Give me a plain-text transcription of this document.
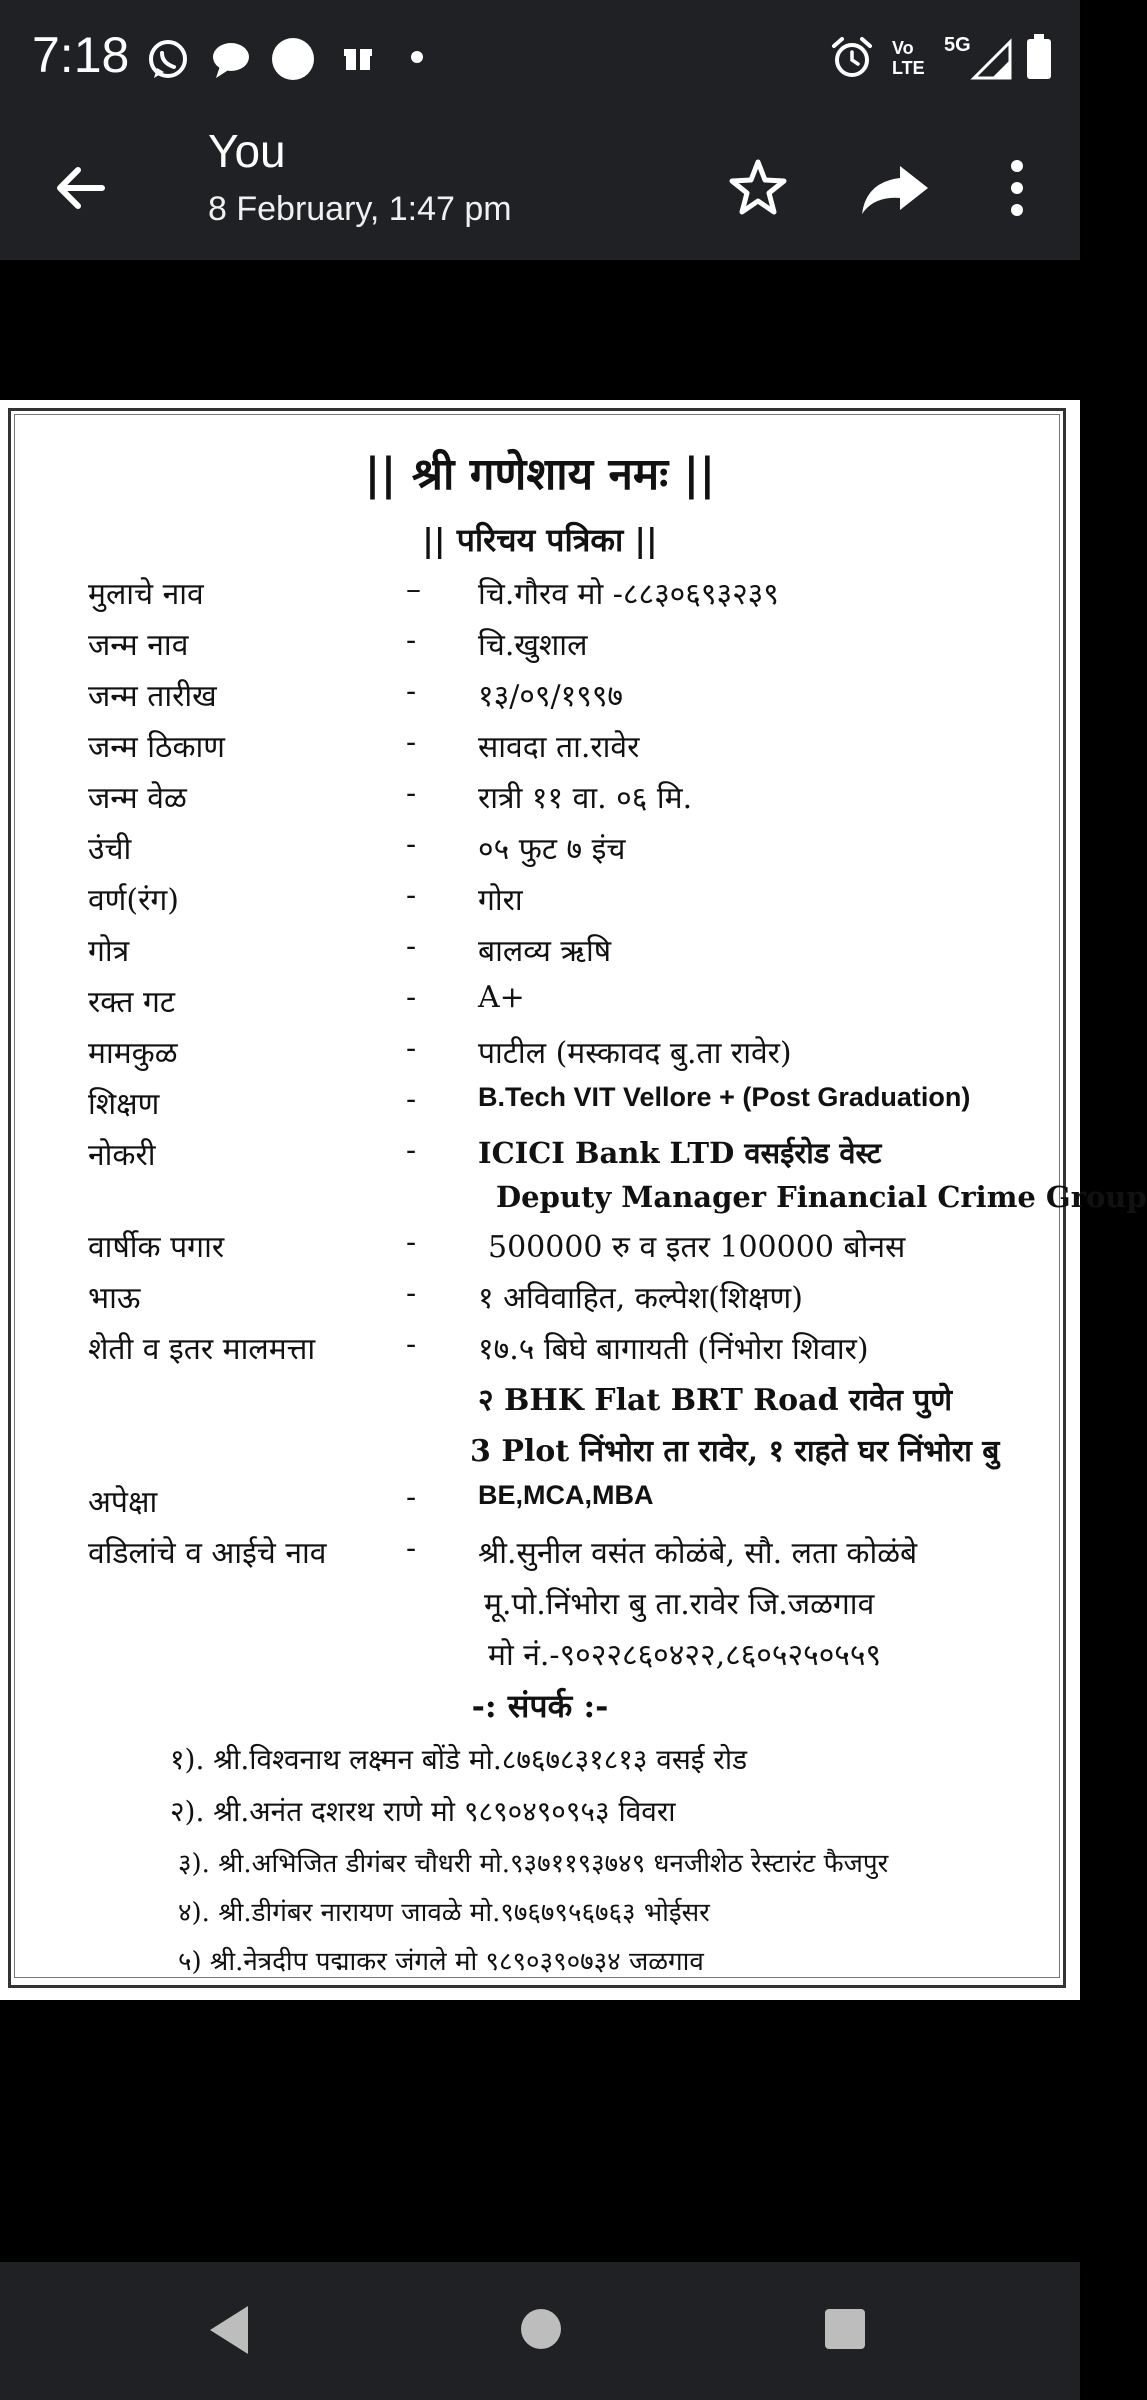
7:18	Vo
LTE
5G
You
8 February, 1:47 pm
|| श्री गणेशाय नमः ||
|| परिचय पत्रिका ||
मुलाचे नाव	– चि.गौरव मो -८८३०६९३२३९
जन्म नाव	- चि.खुशाल
जन्म तारीख	- १३/०९/१९९७
जन्म ठिकाण	- सावदा ता.रावेर
जन्म वेळ	- रात्री ११ वा. ०६ मि.
उंची	- ०५ फुट ७ इंच
वर्ण(रंग)	- गोरा
गोत्र	- बालव्य ऋषि
रक्त गट	- A+
मामकुळ	- पाटील (मस्कावद बु.ता रावेर)
शिक्षण	- B.Tech VIT Vellore + (Post Graduation)
नोकरी	- ICICI Bank LTD वसईरोड वेस्ट
Deputy Manager Financial Crime Group
वार्षीक पगार	- 500000 रु व इतर 100000 बोनस
भाऊ	- १ अविवाहित, कल्पेश(शिक्षण)
शेती व इतर मालमत्ता	- १७.५ बिघे बागायती (निंभोरा शिवार)
२ BHK Flat BRT Road रावेत पुणे
3 Plot निंभोरा ता रावेर, १ राहते घर निंभोरा बु
अपेक्षा	- BE,MCA,MBA
वडिलांचे व आईचे नाव	- श्री.सुनील वसंत कोळंबे, सौ. लता कोळंबे
मू.पो.निंभोरा बु ता.रावेर जि.जळगाव
मो नं.-९०२२८६०४२२,८६०५२५०५५९
-: संपर्क :-
१). श्री.विश्वनाथ लक्ष्मन बोंडे मो.८७६७८३१८१३ वसई रोड
२). श्री.अनंत दशरथ राणे मो ९८९०४९०९५३ विवरा
३). श्री.अभिजित डीगंबर चौधरी मो.९३७११९३७४९ धनजीशेठ रेस्टारंट फैजपुर
४). श्री.डीगंबर नारायण जावळे मो.९७६७९५६७६३ भोईसर
५) श्री.नेत्रदीप पद्माकर जंगले मो ९८९०३९०७३४ जळगाव
